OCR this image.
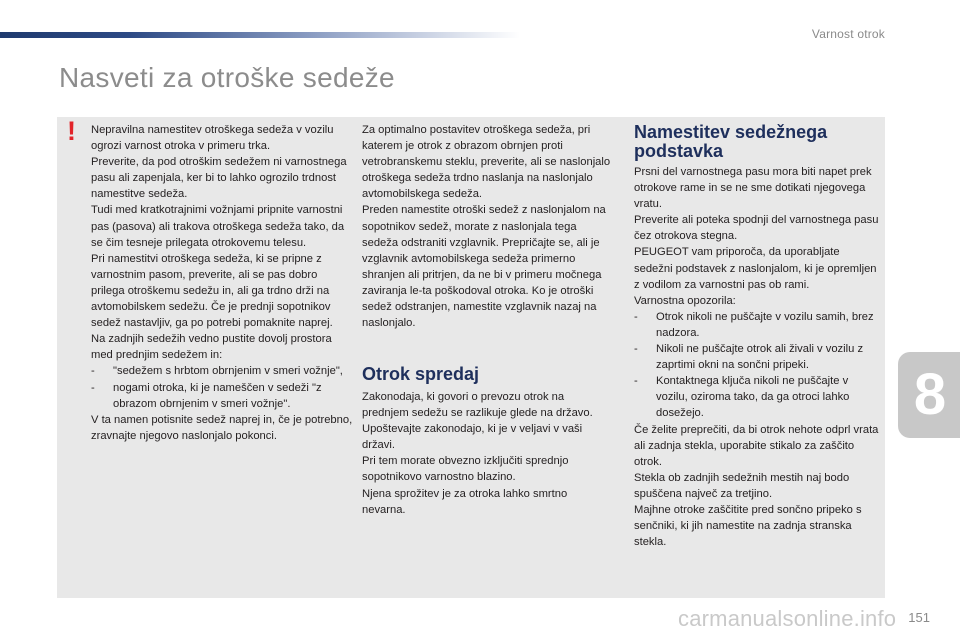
Varnost otrok
Nasveti za otroške sedeže
! Nepravilna namestitev otroškega sedeža v vozilu ogrozi varnost otroka v primeru trka.

Preverite, da pod otroškim sedežem ni varnostnega pasu ali zapenjala, ker bi to lahko ogrozilo trdnost namestitve sedeža.

Tudi med kratkotrajnimi vožnjami pripnite varnostni pas (pasova) ali trakova otroškega sedeža tako, da se čim tesneje prilegata otrokovemu telesu.

Pri namestitvi otroškega sedeža, ki se pripne z varnostnim pasom, preverite, ali se pas dobro prilega otroškemu sedežu in, ali ga trdno drži na avtomobilskem sedežu. Če je prednji sopotnikov sedež nastavljiv, ga po potrebi pomaknite naprej.

Na zadnjih sedežih vedno pustite dovolj prostora med prednjim sedežem in:

- "sedežem s hrbtom obrnjenim v smeri vožnje",

- nogami otroka, ki je nameščen v sedeži "z obrazom obrnjenim v smeri vožnje".

V ta namen potisnite sedež naprej in, če je potrebno, zravnajte njegovo naslonjalo pokonci.

Za optimalno postavitev otroškega sedeža, pri katerem je otrok z obrazom obrnjen proti vetrobranskemu steklu, preverite, ali se naslonjalo otroškega sedeža trdno naslanja na naslonjalo avtomobilskega sedeža.

Preden namestite otroški sedež z naslonjalom na sopotnikov sedež, morate z naslonjala tega sedeža odstraniti vzglavnik. Prepričajte se, ali je vzglavnik avtomobilskega sedeža primerno shranjen ali pritrjen, da ne bi v primeru močnega zaviranja le-ta poškodoval otroka. Ko je otroški sedež odstranjen, namestite vzglavnik nazaj na naslonjalo.

Otrok spredaj

Zakonodaja, ki govori o prevozu otrok na prednjem sedežu se razlikuje glede na državo. Upoštevajte zakonodajo, ki je v veljavi v vaši državi.

Pri tem morate obvezno izključiti sprednjo sopotnikovo varnostno blazino.

Njena sprožitev je za otroka lahko smrtno nevarna.

Namestitev sedežnega podstavka

Prsni del varnostnega pasu mora biti napet prek otrokove rame in se ne sme dotikati njegovega vratu.

Preverite ali poteka spodnji del varnostnega pasu čez otrokova stegna.

PEUGEOT vam priporoča, da uporabljate sedežni podstavek z naslonjalom, ki je opremljen z vodilom za varnostni pas ob rami.

Varnostna opozorila:

- Otrok nikoli ne puščajte v vozilu samih, brez nadzora.

- Nikoli ne puščajte otrok ali živali v vozilu z zaprtimi okni na sončni pripeki.

- Kontaktnega ključa nikoli ne puščajte v vozilu, oziroma tako, da ga otroci lahko dosežejo.

Če želite preprečiti, da bi otrok nehote odprl vrata ali zadnja stekla, uporabite stikalo za zaščito otrok.

Stekla ob zadnjih sedežnih mestih naj bodo spuščena največ za tretjino.

Majhne otroke zaščitite pred sončno pripeko s senčniki, ki jih namestite na zadnja stranska stekla.

8
151
carmanualsonline.info
